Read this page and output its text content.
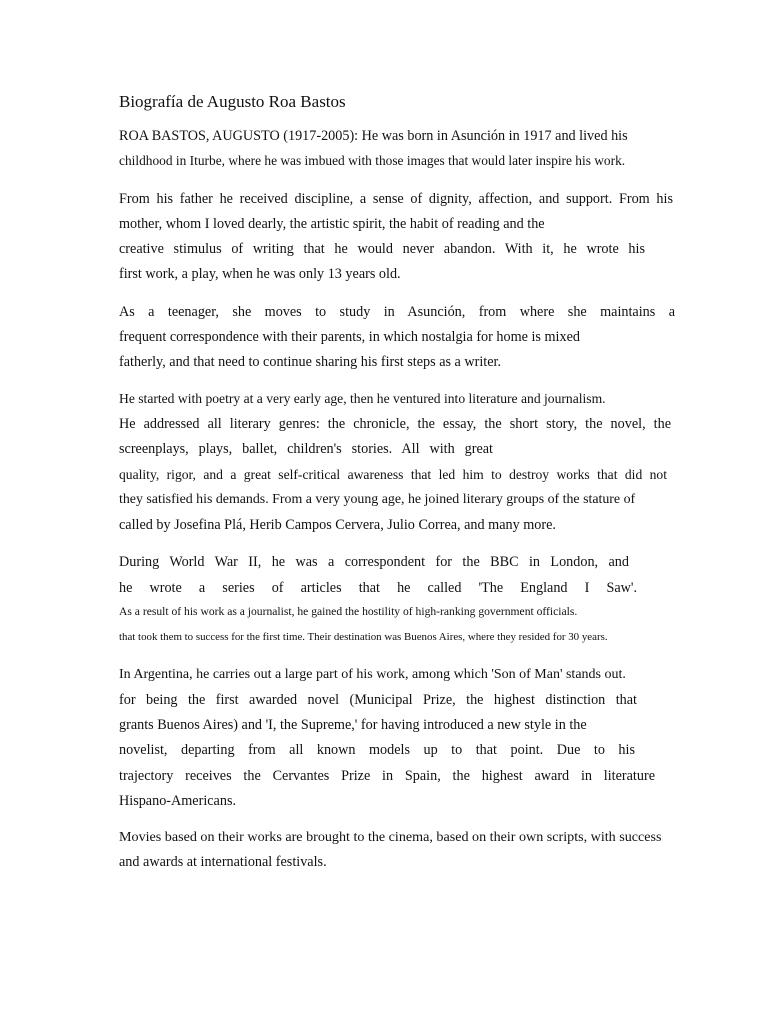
Biografía de Augusto Roa Bastos
ROA BASTOS, AUGUSTO (1917-2005): He was born in Asunción in 1917 and lived his
childhood in Iturbe, where he was imbued with those images that would later inspire his work.
From his father he received discipline, a sense of dignity, affection, and support. From his
mother, whom I loved dearly, the artistic spirit, the habit of reading and the
creative stimulus of writing that he would never abandon. With it, he wrote his
first work, a play, when he was only 13 years old.
As a teenager, she moves to study in Asunción, from where she maintains a
frequent correspondence with their parents, in which nostalgia for home is mixed
fatherly, and that need to continue sharing his first steps as a writer.
He started with poetry at a very early age, then he ventured into literature and journalism.
He addressed all literary genres: the chronicle, the essay, the short story, the novel, the
screenplays, plays, ballet, children's stories. All with great
quality, rigor, and a great self-critical awareness that led him to destroy works that did not
they satisfied his demands. From a very young age, he joined literary groups of the stature of
called by Josefina Plá, Herib Campos Cervera, Julio Correa, and many more.
During World War II, he was a correspondent for the BBC in London, and
he wrote a series of articles that he called 'The England I Saw'.
As a result of his work as a journalist, he gained the hostility of high-ranking government officials.
that took them to success for the first time. Their destination was Buenos Aires, where they resided for 30 years.
In Argentina, he carries out a large part of his work, among which 'Son of Man' stands out.
for being the first awarded novel (Municipal Prize, the highest distinction that
grants Buenos Aires) and 'I, the Supreme,' for having introduced a new style in the
novelist, departing from all known models up to that point. Due to his
trajectory receives the Cervantes Prize in Spain, the highest award in literature
Hispano-Americans.
Movies based on their works are brought to the cinema, based on their own scripts, with success
and awards at international festivals.
